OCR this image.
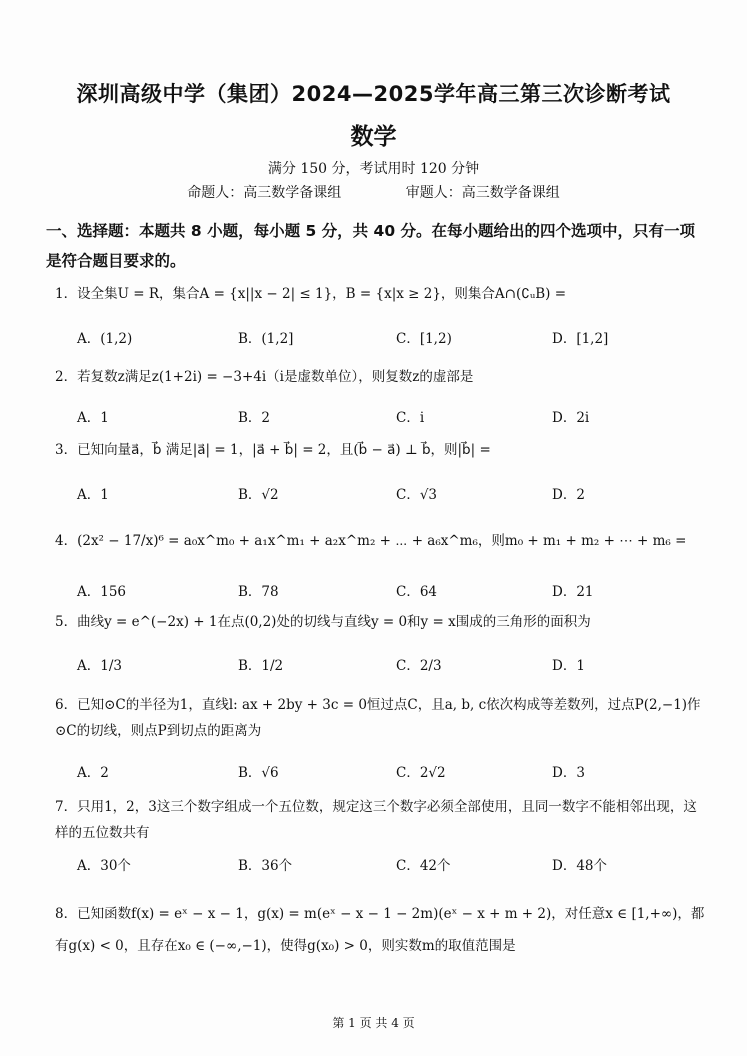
深圳高级中学（集团）2024—2025学年高三第三次诊断考试
数学
满分 150 分，考试用时 120 分钟
命题人：高三数学备课组	审题人：高三数学备课组
一、选择题：本题共 8 小题，每小题 5 分，共 40 分。在每小题给出的四个选项中，只有一项是符合题目要求的。
1．设全集U = R，集合A = {x||x − 2| ≤ 1}，B = {x|x ≥ 2}，则集合A∩(∁ᵤB) =
A．(1,2)	B．(1,2]	C．[1,2)	D．[1,2]
2．若复数z满足z(1+2i) = −3+4i（i是虚数单位），则复数z的虚部是
A．1	B．2	C．i	D．2i
3．已知向量a⃗，b⃗ 满足|a⃗| = 1，|a⃗ + b⃗| = 2，且(b⃗ − a⃗) ⊥ b⃗，则|b⃗| =
A．1	B．√2	C．√3	D．2
4．(2x² − 17/x)⁶ = a₀x^m₀ + a₁x^m₁ + a₂x^m₂ + ⋯ + a₆x^m₆，则m₀ + m₁ + m₂ + ⋯ + m₆ =
A．156	B．78	C．64	D．21
5．曲线y = e^(−2x) + 1在点(0,2)处的切线与直线y = 0和y = x围成的三角形的面积为
A．1/3	B．1/2	C．2/3	D．1
6．已知⊙C的半径为1，直线l: ax + 2by + 3c = 0恒过点C，且a, b, c依次构成等差数列，过点P(2,−1)作⊙C的切线，则点P到切点的距离为
A．2	B．√6	C．2√2	D．3
7．只用1，2，3这三个数字组成一个五位数，规定这三个数字必须全部使用，且同一数字不能相邻出现，这样的五位数共有
A．30个	B．36个	C．42个	D．48个
8．已知函数f(x) = eˣ − x − 1，g(x) = m(eˣ − x − 1 − 2m)(eˣ − x + m + 2)，对任意x ∈ [1,+∞)，都有g(x) < 0，且存在x₀ ∈ (−∞,−1)，使得g(x₀) > 0，则实数m的取值范围是
第 1 页 共 4 页
